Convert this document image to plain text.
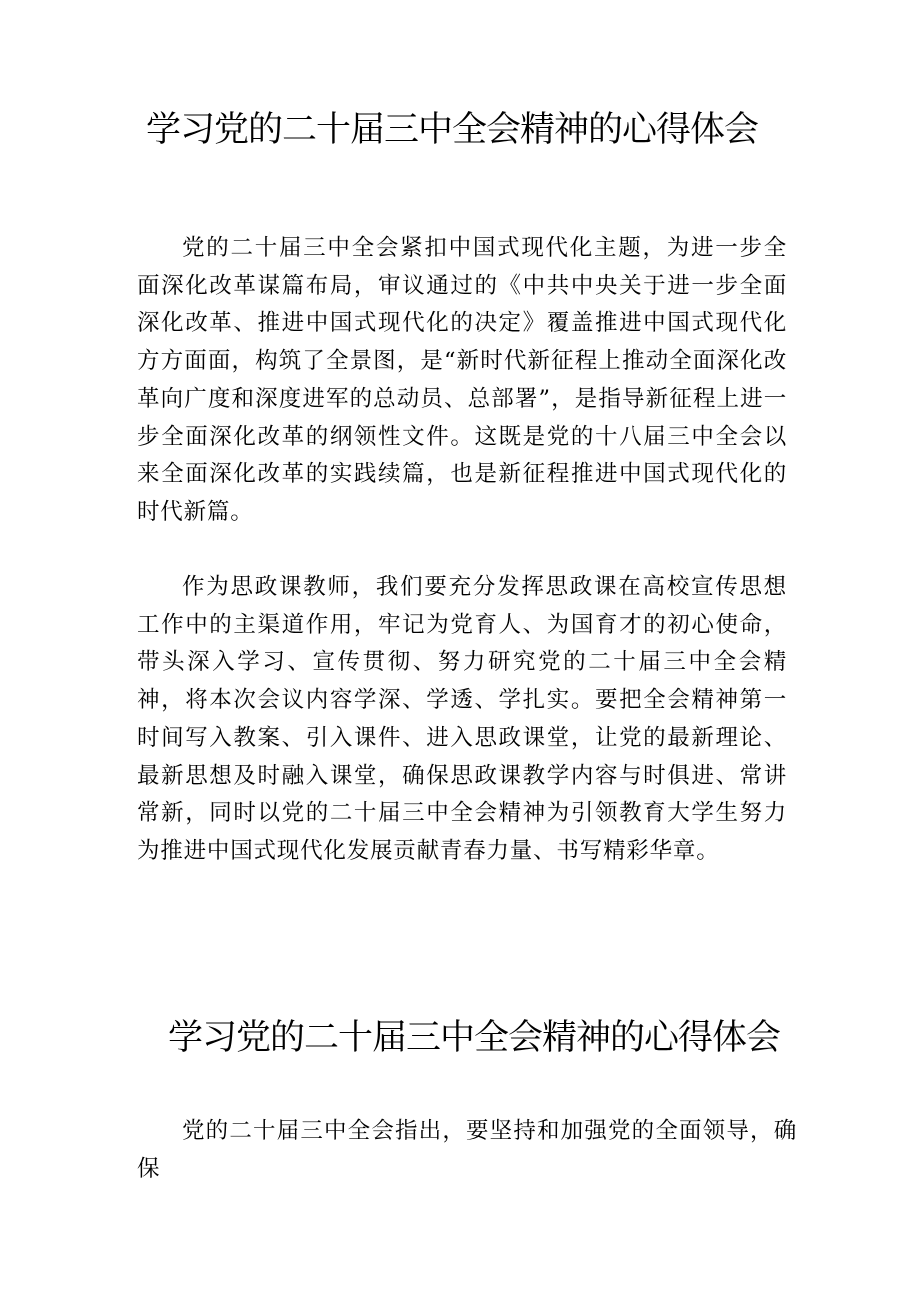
学习党的二十届三中全会精神的心得体会

党的二十届三中全会紧扣中国式现代化主题，为进一步全面深化改革谋篇布局，审议通过的《中共中央关于进一步全面深化改革、推进中国式现代化的决定》覆盖推进中国式现代化方方面面，构筑了全景图，是“新时代新征程上推动全面深化改革向广度和深度进军的总动员、总部署”，是指导新征程上进一步全面深化改革的纲领性文件。这既是党的十八届三中全会以来全面深化改革的实践续篇，也是新征程推进中国式现代化的时代新篇。

作为思政课教师，我们要充分发挥思政课在高校宣传思想工作中的主渠道作用，牢记为党育人、为国育才的初心使命，带头深入学习、宣传贯彻、努力研究党的二十届三中全会精神，将本次会议内容学深、学透、学扎实。要把全会精神第一时间写入教案、引入课件、进入思政课堂，让党的最新理论、最新思想及时融入课堂，确保思政课教学内容与时俱进、常讲常新，同时以党的二十届三中全会精神为引领教育大学生努力为推进中国式现代化发展贡献青春力量、书写精彩华章。

学习党的二十届三中全会精神的心得体会

党的二十届三中全会指出，要坚持和加强党的全面领导，确保
